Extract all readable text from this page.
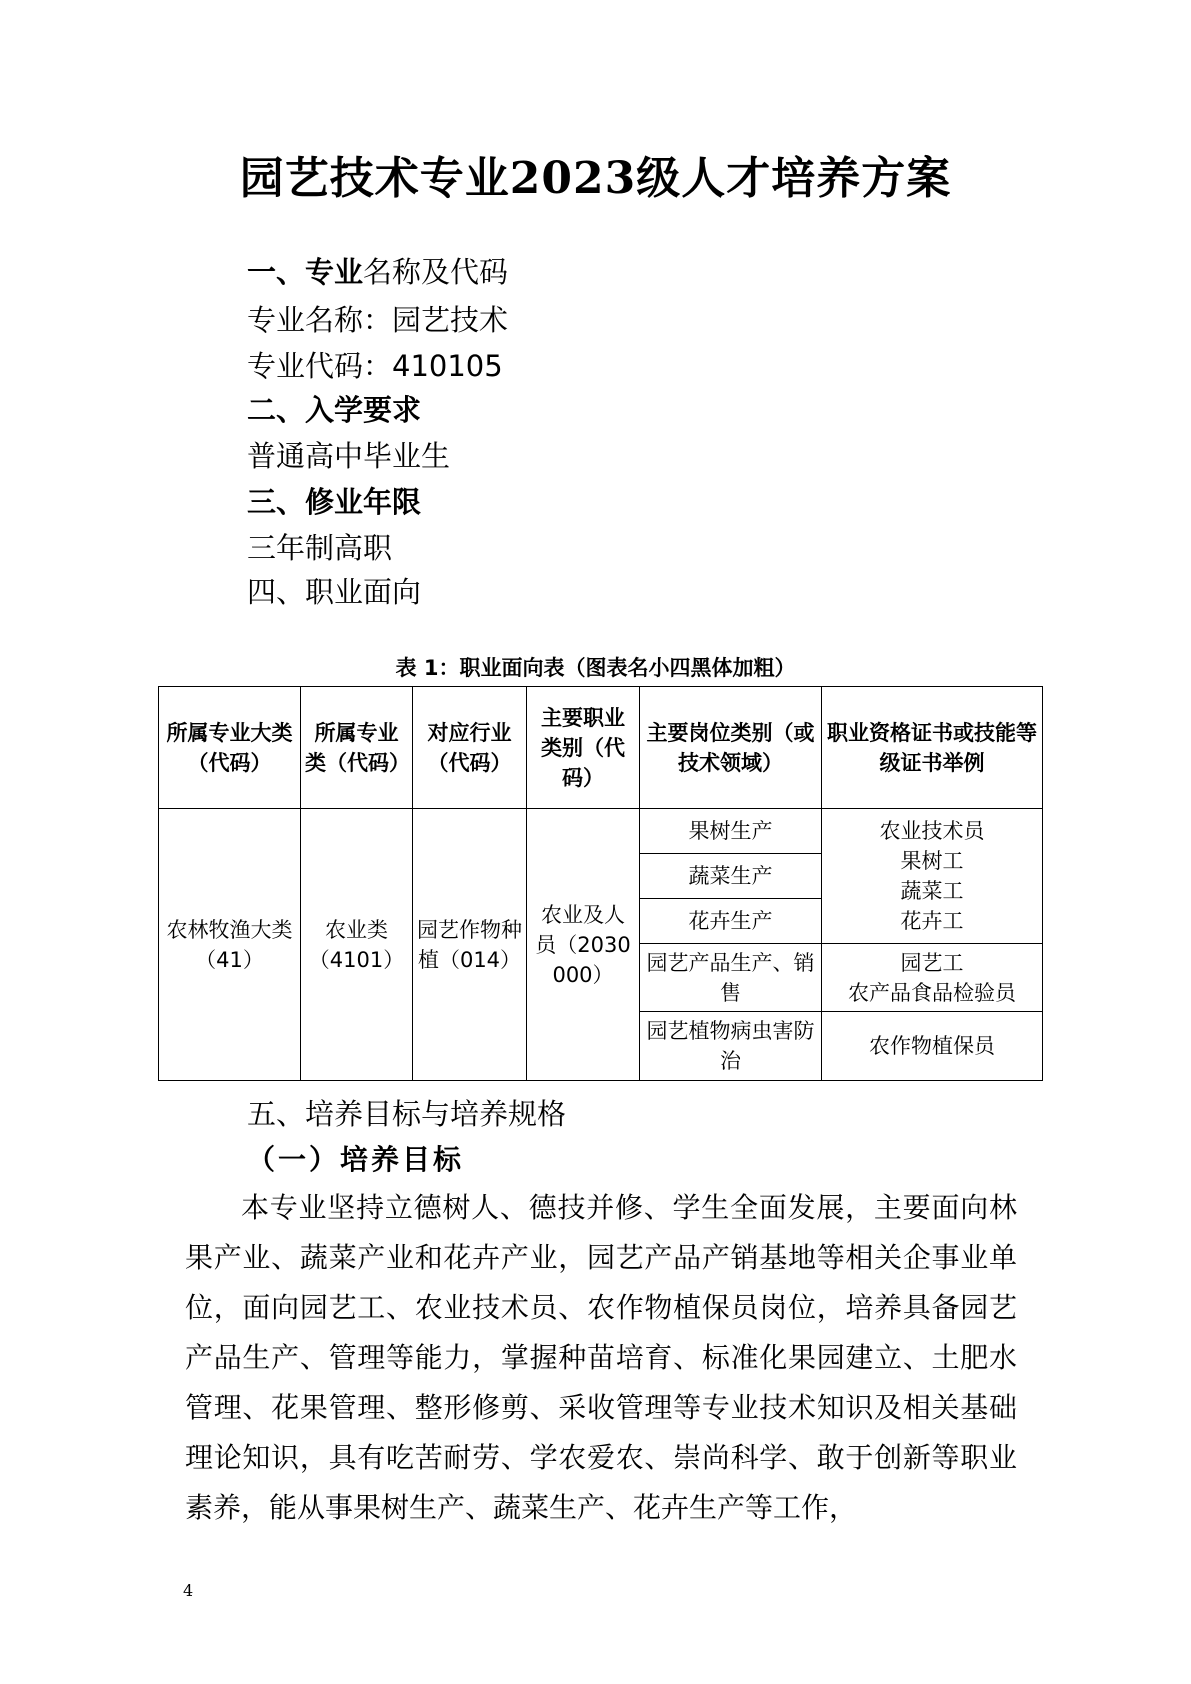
园艺技术专业2023级人才培养方案
一、专业名称及代码
专业名称：园艺技术
专业代码：410105
二、入学要求
普通高中毕业生
三、修业年限
三年制高职
四、职业面向
表 1：职业面向表（图表名小四黑体加粗）
所属专业大类（代码）	所属专业类（代码）	对应行业（代码）	主要职业类别（代码）	主要岗位类别（或技术领域）	职业资格证书或技能等级证书举例
农林牧渔大类（41）	农业类（4101）	园艺作物种植（014）	农业及人员（2030000）	果树生产	农业技术员
果树工
蔬菜工
花卉工

				蔬菜生产	
				花卉生产	
				园艺产品生产、销售	园艺工
农产品食品检验员

				园艺植物病虫害防治	农作物植保员
五、培养目标与培养规格
（一）培养目标
本专业坚持立德树人、德技并修、学生全面发展，主要面向林果产业、蔬菜产业和花卉产业，园艺产品产销基地等相关企事业单位，面向园艺工、农业技术员、农作物植保员岗位，培养具备园艺产品生产、管理等能力，掌握种苗培育、标准化果园建立、土肥水管理、花果管理、整形修剪、采收管理等专业技术知识及相关基础理论知识，具有吃苦耐劳、学农爱农、崇尚科学、敢于创新等职业素养，能从事果树生产、蔬菜生产、花卉生产等工作，
4
